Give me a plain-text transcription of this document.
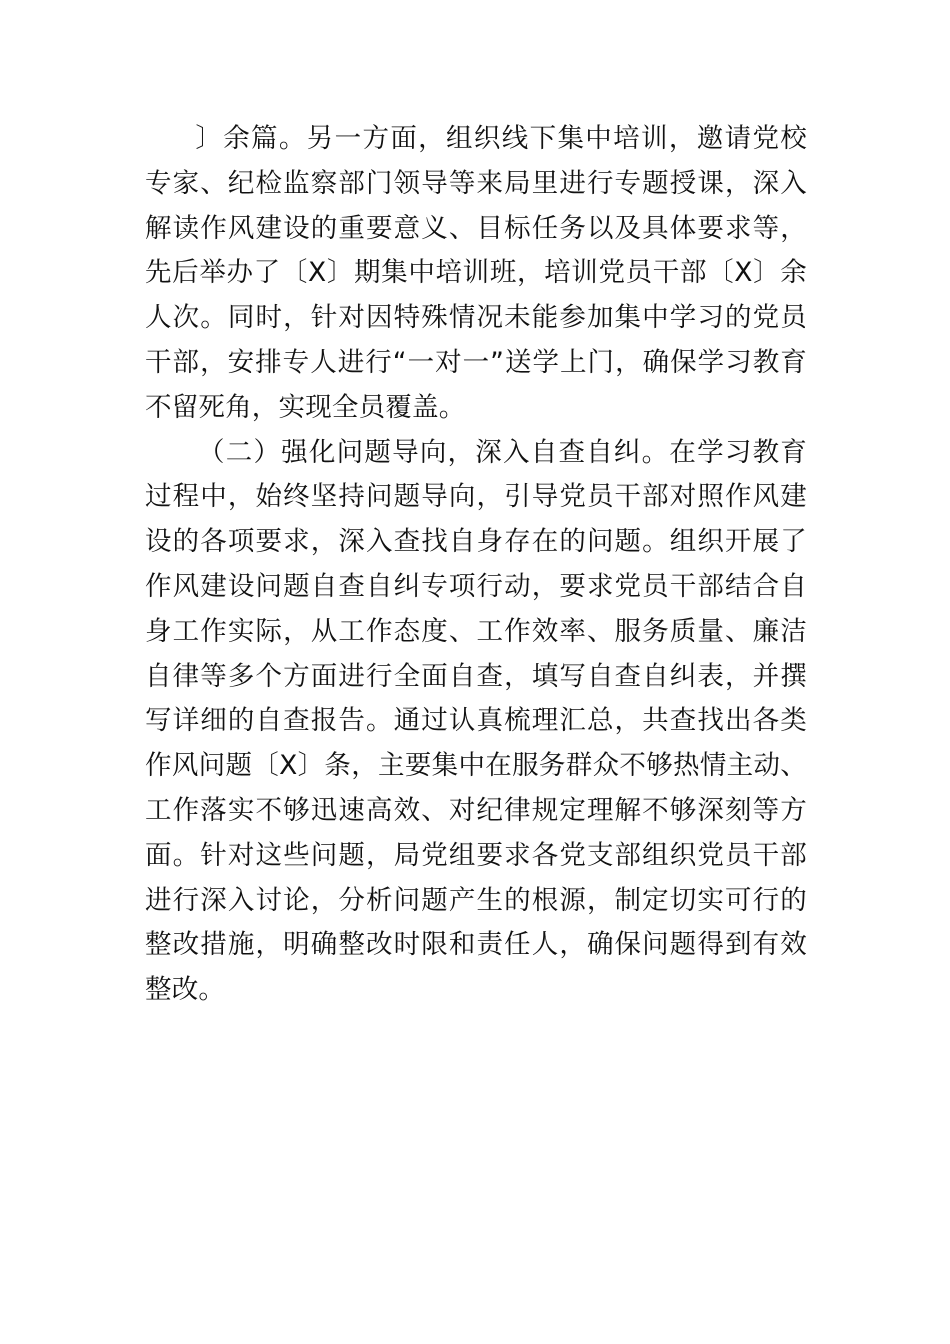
〕余篇。另一方面，组织线下集中培训，邀请党校专家、纪检监察部门领导等来局里进行专题授课，深入解读作风建设的重要意义、目标任务以及具体要求等，先后举办了〔X〕期集中培训班，培训党员干部〔X〕余人次。同时，针对因特殊情况未能参加集中学习的党员干部，安排专人进行“一对一”送学上门，确保学习教育不留死角，实现全员覆盖。

（二）强化问题导向，深入自查自纠。在学习教育过程中，始终坚持问题导向，引导党员干部对照作风建设的各项要求，深入查找自身存在的问题。组织开展了作风建设问题自查自纠专项行动，要求党员干部结合自身工作实际，从工作态度、工作效率、服务质量、廉洁自律等多个方面进行全面自查，填写自查自纠表，并撰写详细的自查报告。通过认真梳理汇总，共查找出各类作风问题〔X〕条，主要集中在服务群众不够热情主动、工作落实不够迅速高效、对纪律规定理解不够深刻等方面。针对这些问题，局党组要求各党支部组织党员干部进行深入讨论，分析问题产生的根源，制定切实可行的整改措施，明确整改时限和责任人，确保问题得到有效整改。
